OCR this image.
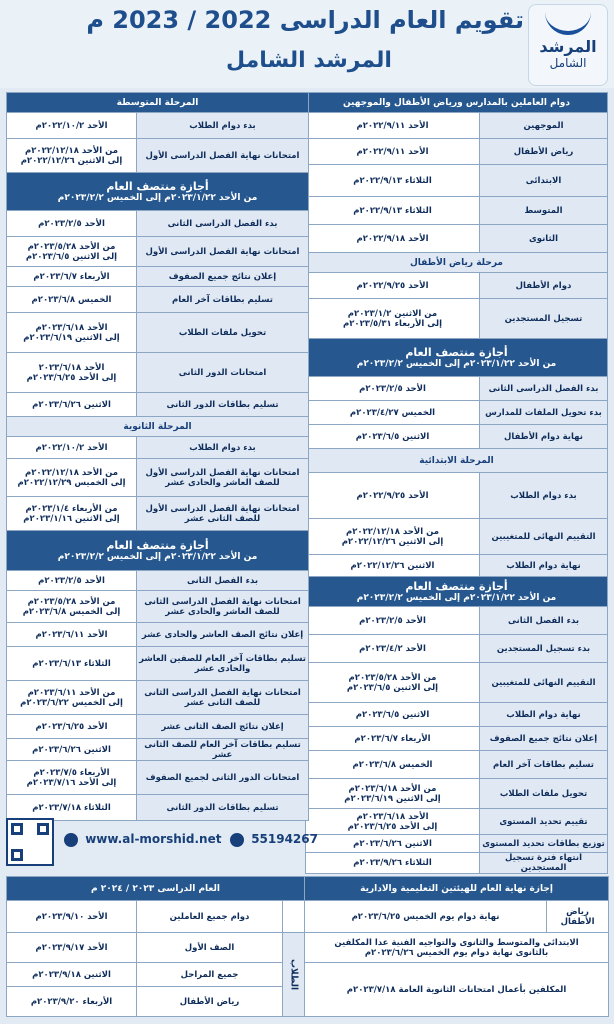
المرشد
الشامل
تقويم العام الدراسى 2022 / 2023 م
المرشد الشامل
دوام العاملين بالمدارس ورياض الأطفال والموجهين	
الموجهين	الأحد ٢٠٢٢/٩/١١م
رياض الأطفال	الأحد ٢٠٢٢/٩/١١م
الابتدائى	الثلاثاء ٢٠٢٢/٩/١٣م
المتوسط	الثلاثاء ٢٠٢٢/٩/١٣م
الثانوى	الأحد ٢٠٢٢/٩/١٨م
مرحلة رياض الأطفال	
دوام الأطفال	الأحد ٢٠٢٢/٩/٢٥م
تسجيل المستجدين	من الاثنين ٢٠٢٣/١/٢م
إلى الأربعاء ٢٠٢٣/٥/٣١م

أجازة منتصف العام
من الأحد ٢٠٢٣/١/٢٢م إلى الخميس ٢٠٢٣/٢/٢م	

بدء الفصل الدراسى الثانى	الأحد ٢٠٢٣/٢/٥م
بدء تحويل الملفات للمدارس	الخميس ٢٠٢٣/٤/٢٧م
نهاية دوام الأطفال	الاثنين ٢٠٢٣/٦/٥م
المرحلة الابتدائية	
بدء دوام الطلاب	الأحد ٢٠٢٢/٩/٢٥م
التقييم النهائى للمتغيبين	من الأحد ٢٠٢٢/١٢/١٨م
إلى الاثنين ٢٠٢٢/١٢/٢٦م
نهاية دوام الطلاب	الاثنين ٢٠٢٢/١٢/٢٦م

أجازة منتصف العام
من الأحد ٢٠٢٣/١/٢٢م إلى الخميس ٢٠٢٣/٢/٢م	

بدء الفصل الثانى	الأحد ٢٠٢٣/٢/٥م
بدء تسجيل المستجدين	الأحد ٢٠٢٣/٤/٢م
التقييم النهائى للمتغيبين	من الأحد ٢٠٢٣/٥/٢٨م
إلى الاثنين ٢٠٢٣/٦/٥م
نهاية دوام الطلاب	الاثنين ٢٠٢٣/٦/٥م
إعلان نتائج جميع الصفوف	الأربعاء ٢٠٢٣/٦/٧م
تسليم بطاقات آخر العام	الخميس ٢٠٢٣/٦/٨م
تحويل ملفات الطلاب	من الأحد ٢٠٢٣/٦/١٨م
إلى الاثنين ٢٠٢٣/٦/١٩م
تقييم تحديد المستوى	الأحد ٢٠٢٣/٦/١٨م
إلى الأحد ٢٠٢٣/٦/٢٥م
توزيع بطاقات تحديد المستوى	الاثنين ٢٠٢٣/٦/٢٦م
انتهاء فترة تسجيل المستجدين	الثلاثاء ٢٠٢٣/٩/٢٦م
المرحلة المتوسطة	
بدء دوام الطلاب	الأحد ٢٠٢٢/١٠/٢م
امتحانات نهاية الفصل الدراسى الأول	من الأحد ٢٠٢٢/١٢/١٨م
إلى الاثنين ٢٠٢٢/١٢/٢٦م

أجازة منتصف العام
من الأحد ٢٠٢٣/١/٢٢م إلى الخميس ٢٠٢٣/٢/٢م	

بدء الفصل الدراسى الثانى	الأحد ٢٠٢٣/٢/٥م
امتحانات نهاية الفصل الدراسى الأول	من الأحد ٢٠٢٣/٥/٢٨م
إلى الاثنين ٢٠٢٣/٦/٥م
إعلان نتائج جميع الصفوف	الأربعاء ٢٠٢٣/٦/٧م
تسليم بطاقات آخر العام	الخميس ٢٠٢٣/٦/٨م
تحويل ملفات الطلاب	الأحد ٢٠٢٣/٦/١٨م
إلى الاثنين ٢٠٢٣/٦/١٩م
امتحانات الدور الثانى	الأحد ٢٠٢٣/٦/١٨
إلى الأحد ٢٠٢٣/٦/٢٥م
تسليم بطاقات الدور الثانى	الاثنين ٢٠٢٣/٦/٢٦م
المرحلة الثانوية	
بدء دوام الطلاب	الأحد ٢٠٢٢/١٠/٢م
امتحانات نهاية الفصل الدراسى الأول
للصف العاشر والحادى عشر	من الأحد ٢٠٢٢/١٢/١٨م
إلى الخميس ٢٠٢٢/١٢/٢٩م
امتحانات نهاية الفصل الدراسى الأول
للصف الثانى عشر	من الأربعاء ٢٠٢٣/١/٤م
إلى الاثنين ٢٠٢٣/١/١٦م

أجازة منتصف العام
من الأحد ٢٠٢٣/١/٢٢م إلى الخميس ٢٠٢٣/٢/٢م	

بدء الفصل الثانى	الأحد ٢٠٢٣/٢/٥م
امتحانات نهاية الفصل الدراسى الثانى
للصف العاشر والحادى عشر	من الأحد ٢٠٢٣/٥/٢٨م
إلى الخميس ٢٠٢٣/٦/٨م
إعلان نتائج الصف العاشر والحادى عشر	الأحد ٢٠٢٣/٦/١١م
تسليم بطاقات آخر العام للصفين العاشر
والحادى عشر	الثلاثاء ٢٠٢٣/٦/١٣م
امتحانات نهاية الفصل الدراسى الثانى
للصف الثانى عشر	من الأحد ٢٠٢٣/٦/١١م
إلى الخميس ٢٠٢٣/٦/٢٢م
إعلان نتائج الصف الثانى عشر	الأحد ٢٠٢٣/٦/٢٥م
تسليم بطاقات آخر العام للصف الثانى عشر	الاثنين ٢٠٢٣/٦/٢٦م
امتحانات الدور الثانى لجميع الصفوف	الأربعاء ٢٠٢٣/٧/٥م
إلى الأحد ٢٠٢٣/٧/١٦م
تسليم بطاقات الدور الثانى	الثلاثاء ٢٠٢٣/٧/١٨م
www.al-morshid.net	55194267
إجازة نهاية العام للهيئتين التعليمية والادارية		العام الدراسى ٢٠٢٣ / ٢٠٢٤ م		
رياض الأطفال	نهاية دوام يوم الخميس ٢٠٢٣/٦/٢٥م		دوام جميع العاملين	الأحد ٢٠٢٣/٩/١٠م
الابتدائى والمتوسط والثانوى والتواجيه الفنية عدا المكلفين
بالثانوى نهاية دوام يوم الخميس ٢٠٢٣/٦/٢٦م		الطلاب	الصف الأول	الأحد ٢٠٢٣/٩/١٧م
المكلفين بأعمال امتحانات الثانوية العامة ٢٠٢٣/٧/١٨م			جميع المراحل	الاثنين ٢٠٢٣/٩/١٨م
			رياض الأطفال	الأربعاء ٢٠٢٣/٩/٢٠م
